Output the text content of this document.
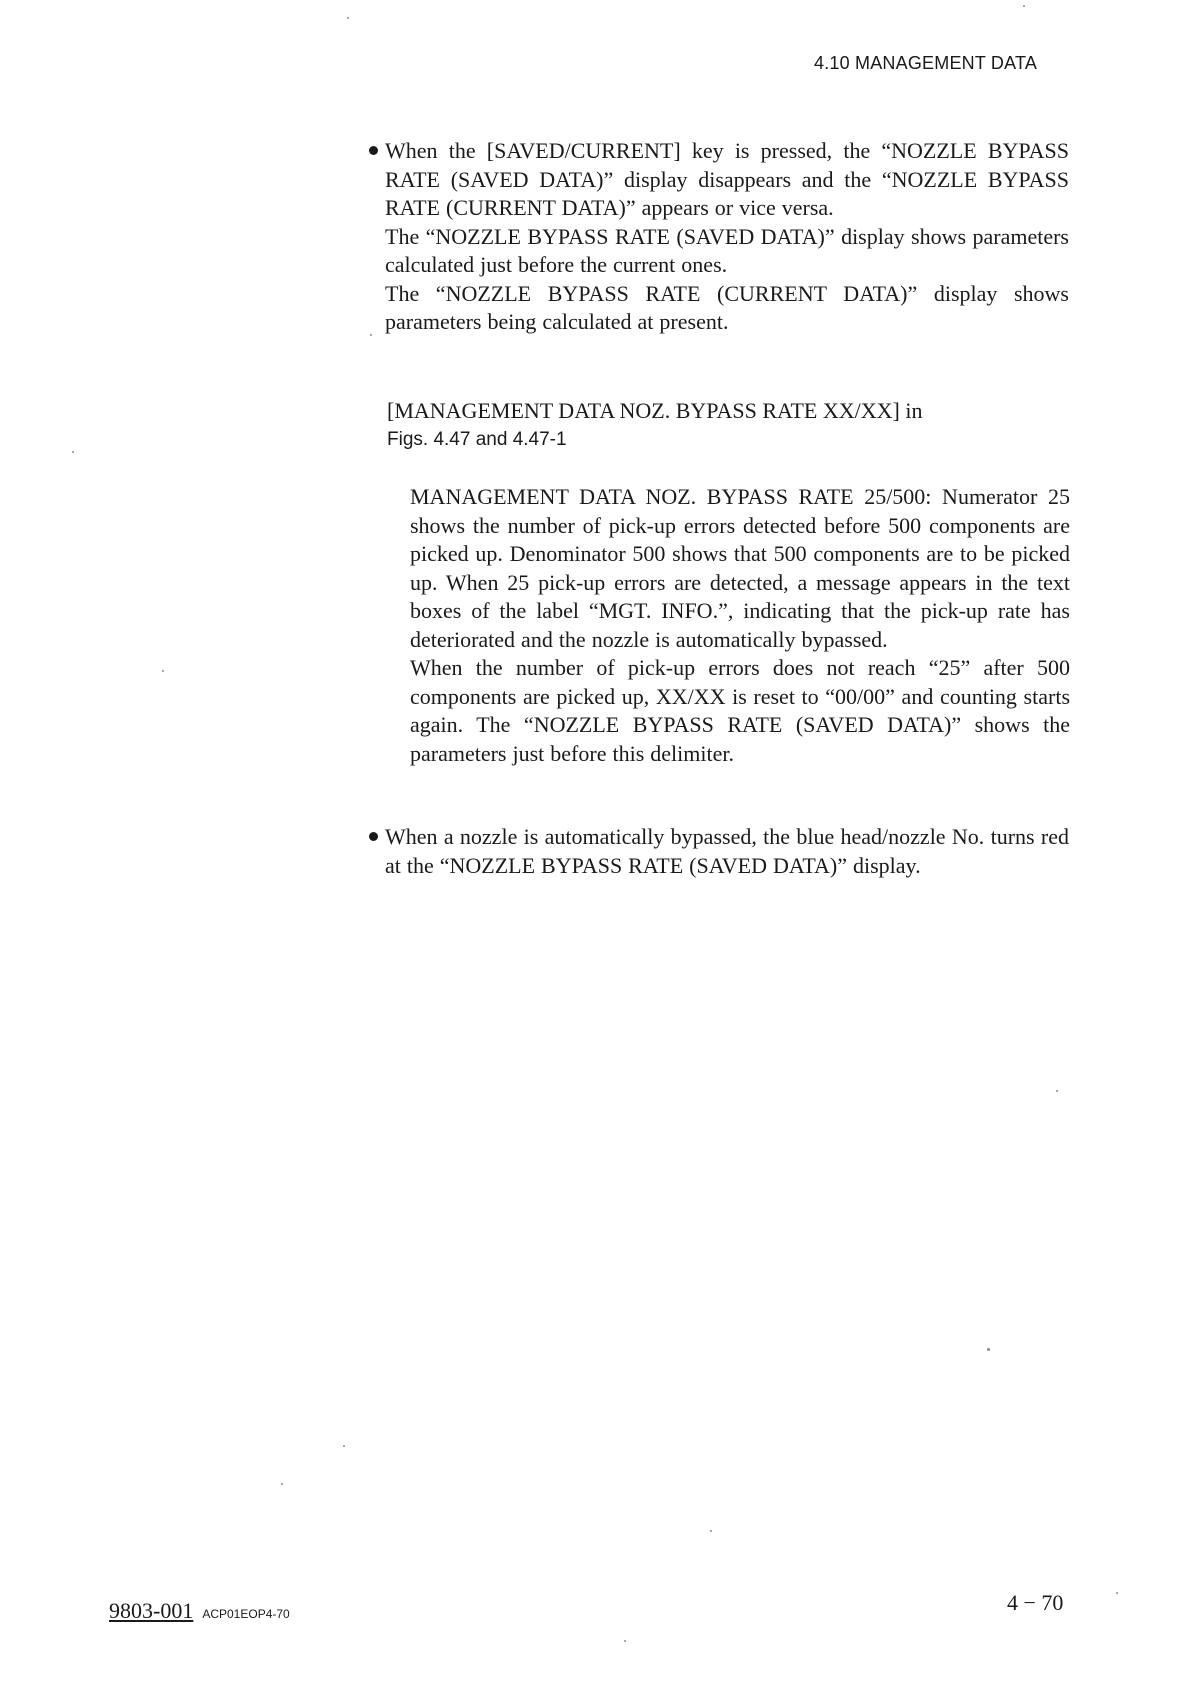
4.10 MANAGEMENT DATA

When the [SAVED/CURRENT] key is pressed, the “NOZZLE BYPASS RATE (SAVED DATA)” display disappears and the “NOZZLE BYPASS RATE (CURRENT DATA)” appears or vice versa.

The “NOZZLE BYPASS RATE (SAVED DATA)” display shows parameters calculated just before the current ones.

The “NOZZLE BYPASS RATE (CURRENT DATA)” display shows parameters being calculated at present.

[MANAGEMENT DATA NOZ. BYPASS RATE XX/XX] in
Figs. 4.47 and 4.47-1

MANAGEMENT DATA NOZ. BYPASS RATE 25/500: Numerator 25 shows the number of pick-up errors detected before 500 components are picked up. Denominator 500 shows that 500 components are to be picked up. When 25 pick-up errors are detected, a message appears in the text boxes of the label “MGT. INFO.”, indicating that the pick-up rate has deteriorated and the nozzle is automatically bypassed.

When the number of pick-up errors does not reach “25” after 500 components are picked up, XX/XX is reset to “00/00” and counting starts again. The “NOZZLE BYPASS RATE (SAVED DATA)” shows the parameters just before this delimiter.

When a nozzle is automatically bypassed, the blue head/nozzle No. turns red at the “NOZZLE BYPASS RATE (SAVED DATA)” display.

9803-001 ACP01EOP4-70	4 − 70
